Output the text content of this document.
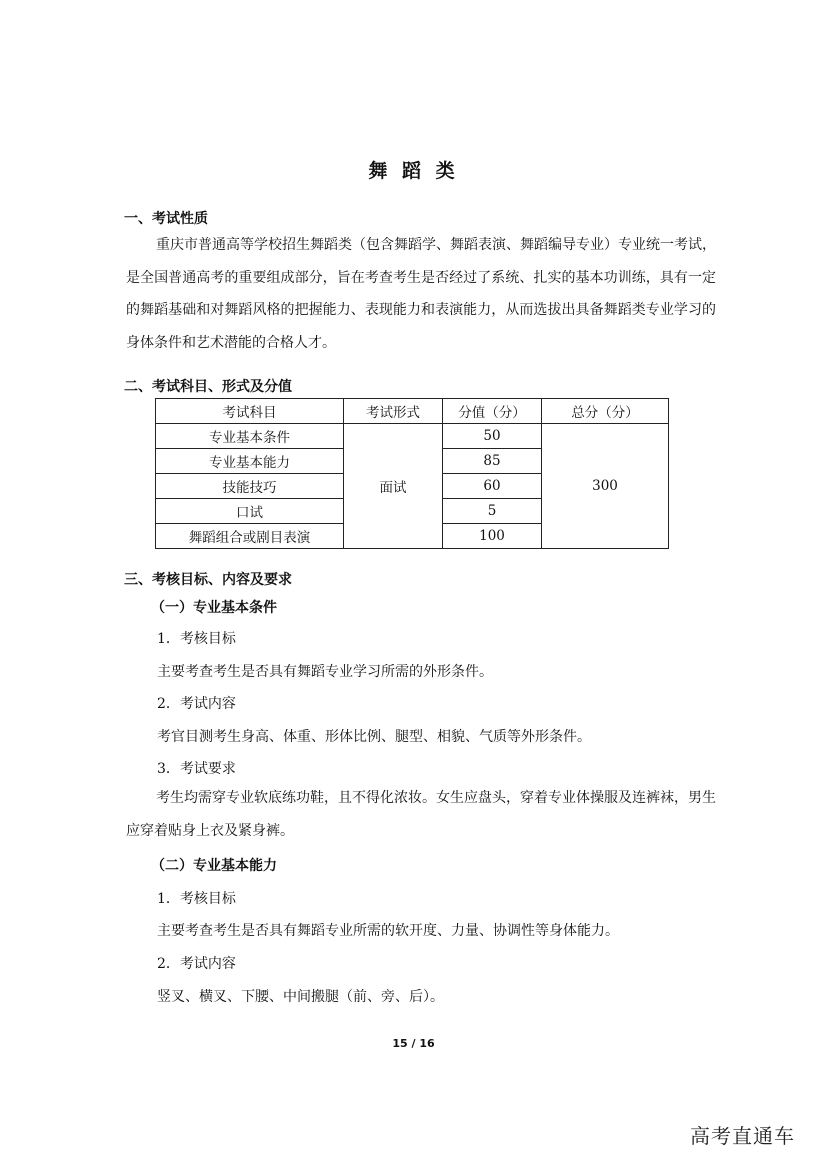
舞 蹈 类
一、考试性质
重庆市普通高等学校招生舞蹈类（包含舞蹈学、舞蹈表演、舞蹈编导专业）专业统一考试，是全国普通高考的重要组成部分，旨在考查考生是否经过了系统、扎实的基本功训练，具有一定的舞蹈基础和对舞蹈风格的把握能力、表现能力和表演能力，从而选拔出具备舞蹈类专业学习的身体条件和艺术潜能的合格人才。
二、考试科目、形式及分值
考试科目	考试形式	分值（分）	总分（分）
专业基本条件	面试	50	300
专业基本能力		85	
技能技巧		60	
口试		5	
舞蹈组合或剧目表演		100	
三、考核目标、内容及要求
（一）专业基本条件
1．考核目标
主要考查考生是否具有舞蹈专业学习所需的外形条件。
2．考试内容
考官目测考生身高、体重、形体比例、腿型、相貌、气质等外形条件。
3．考试要求
考生均需穿专业软底练功鞋，且不得化浓妆。女生应盘头，穿着专业体操服及连裤袜，男生应穿着贴身上衣及紧身裤。
（二）专业基本能力
1．考核目标
主要考查考生是否具有舞蹈专业所需的软开度、力量、协调性等身体能力。
2．考试内容
竖叉、横叉、下腰、中间搬腿（前、旁、后）。
15 / 16
高考直通车
